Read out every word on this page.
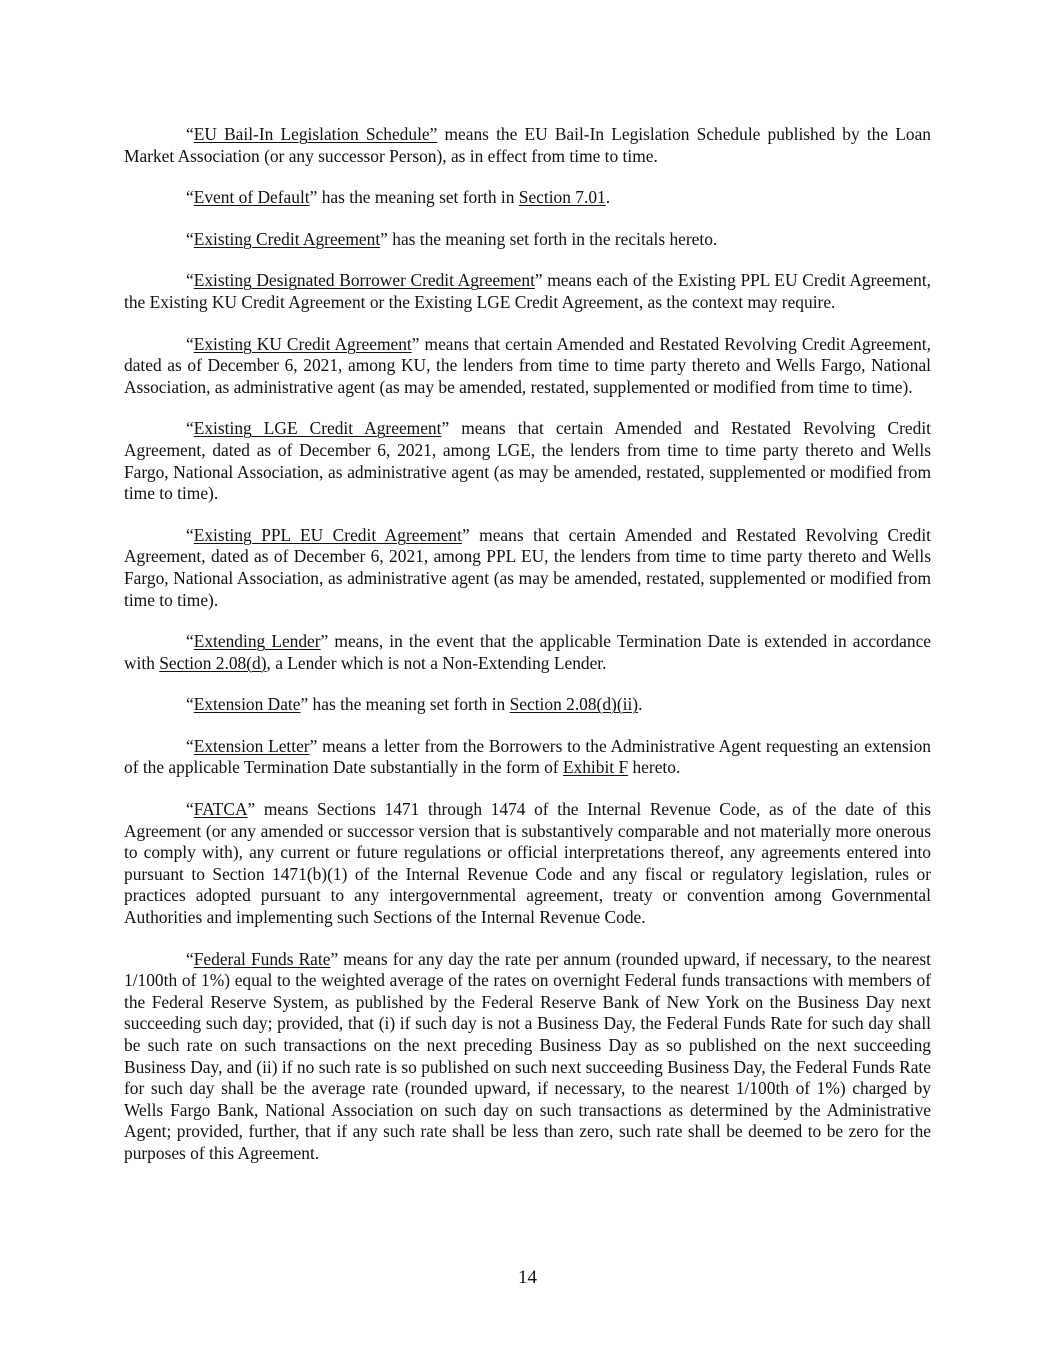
“EU Bail-In Legislation Schedule” means the EU Bail-In Legislation Schedule published by the Loan Market Association (or any successor Person), as in effect from time to time.

“Event of Default” has the meaning set forth in Section 7.01.

“Existing Credit Agreement” has the meaning set forth in the recitals hereto.

“Existing Designated Borrower Credit Agreement” means each of the Existing PPL EU Credit Agreement, the Existing KU Credit Agreement or the Existing LGE Credit Agreement, as the context may require.

“Existing KU Credit Agreement” means that certain Amended and Restated Revolving Credit Agreement, dated as of December 6, 2021, among KU, the lenders from time to time party thereto and Wells Fargo, National Association, as administrative agent (as may be amended, restated, supplemented or modified from time to time).

“Existing LGE Credit Agreement” means that certain Amended and Restated Revolving Credit Agreement, dated as of December 6, 2021, among LGE, the lenders from time to time party thereto and Wells Fargo, National Association, as administrative agent (as may be amended, restated, supplemented or modified from time to time).

“Existing PPL EU Credit Agreement” means that certain Amended and Restated Revolving Credit Agreement, dated as of December 6, 2021, among PPL EU, the lenders from time to time party thereto and Wells Fargo, National Association, as administrative agent (as may be amended, restated, supplemented or modified from time to time).

“Extending Lender” means, in the event that the applicable Termination Date is extended in accordance with Section 2.08(d), a Lender which is not a Non-Extending Lender.

“Extension Date” has the meaning set forth in Section 2.08(d)(ii).

“Extension Letter” means a letter from the Borrowers to the Administrative Agent requesting an extension of the applicable Termination Date substantially in the form of Exhibit F hereto.

“FATCA” means Sections 1471 through 1474 of the Internal Revenue Code, as of the date of this Agreement (or any amended or successor version that is substantively comparable and not materially more onerous to comply with), any current or future regulations or official interpretations thereof, any agreements entered into pursuant to Section 1471(b)(1) of the Internal Revenue Code and any fiscal or regulatory legislation, rules or practices adopted pursuant to any intergovernmental agreement, treaty or convention among Governmental Authorities and implementing such Sections of the Internal Revenue Code.

“Federal Funds Rate” means for any day the rate per annum (rounded upward, if necessary, to the nearest 1/100th of 1%) equal to the weighted average of the rates on overnight Federal funds transactions with members of the Federal Reserve System, as published by the Federal Reserve Bank of New York on the Business Day next succeeding such day; provided, that (i) if such day is not a Business Day, the Federal Funds Rate for such day shall be such rate on such transactions on the next preceding Business Day as so published on the next succeeding Business Day, and (ii) if no such rate is so published on such next succeeding Business Day, the Federal Funds Rate for such day shall be the average rate (rounded upward, if necessary, to the nearest 1/100th of 1%) charged by Wells Fargo Bank, National Association on such day on such transactions as determined by the Administrative Agent; provided, further, that if any such rate shall be less than zero, such rate shall be deemed to be zero for the purposes of this Agreement.

14
